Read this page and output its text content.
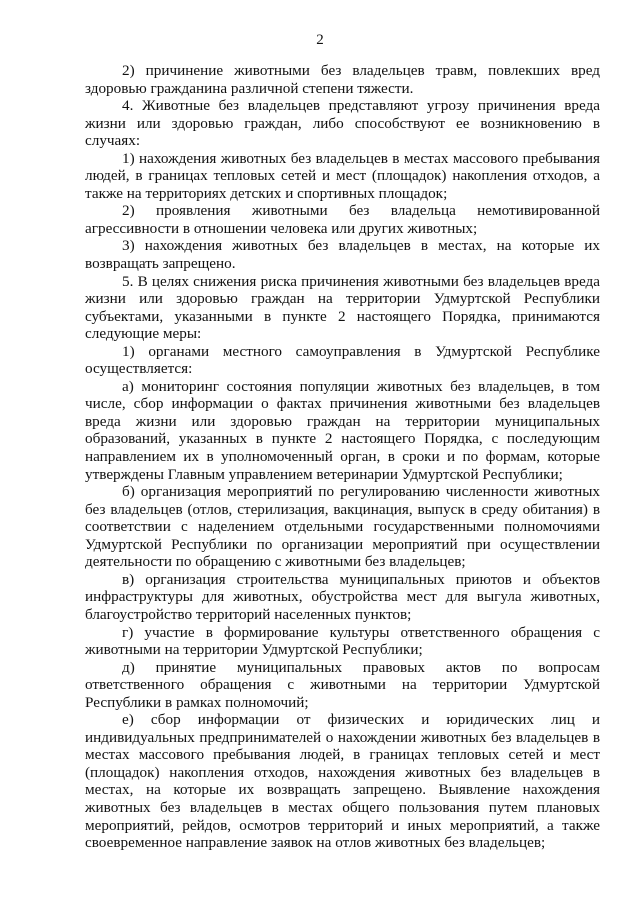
2

2) причинение животными без владельцев травм, повлекших вред здоровью гражданина различной степени тяжести.

4. Животные без владельцев представляют угрозу причинения вреда жизни или здоровью граждан, либо способствуют ее возникновению в случаях:

1) нахождения животных без владельцев в местах массового пребывания людей, в границах тепловых сетей и мест (площадок) накопления отходов, а также на территориях детских и спортивных площадок;

2) проявления животными без владельца немотивированной агрессивности в отношении человека или других животных;

3) нахождения животных без владельцев в местах, на которые их возвращать запрещено.

5. В целях снижения риска причинения животными без владельцев вреда жизни или здоровью граждан на территории Удмуртской Республики субъектами, указанными в пункте 2 настоящего Порядка, принимаются следующие меры:

1) органами местного самоуправления в Удмуртской Республике осуществляется:

а) мониторинг состояния популяции животных без владельцев, в том числе, сбор информации о фактах причинения животными без владельцев вреда жизни или здоровью граждан на территории муниципальных образований, указанных в пункте 2 настоящего Порядка, с последующим направлением их в уполномоченный орган, в сроки и по формам, которые утверждены Главным управлением ветеринарии Удмуртской Республики;

б) организация мероприятий по регулированию численности животных без владельцев (отлов, стерилизация, вакцинация, выпуск в среду обитания) в соответствии с наделением отдельными государственными полномочиями Удмуртской Республики по организации мероприятий при осуществлении деятельности по обращению с животными без владельцев;

в) организация строительства муниципальных приютов и объектов инфраструктуры для животных, обустройства мест для выгула животных, благоустройство территорий населенных пунктов;

г) участие в формирование культуры ответственного обращения с животными на территории Удмуртской Республики;

д) принятие муниципальных правовых актов по вопросам ответственного обращения с животными на территории Удмуртской Республики в рамках полномочий;

е) сбор информации от физических и юридических лиц и индивидуальных предпринимателей о нахождении животных без владельцев в местах массового пребывания людей, в границах тепловых сетей и мест (площадок) накопления отходов, нахождения животных без владельцев в местах, на которые их возвращать запрещено. Выявление нахождения животных без владельцев в местах общего пользования путем плановых мероприятий, рейдов, осмотров территорий и иных мероприятий, а также своевременное направление заявок на отлов животных без владельцев;
